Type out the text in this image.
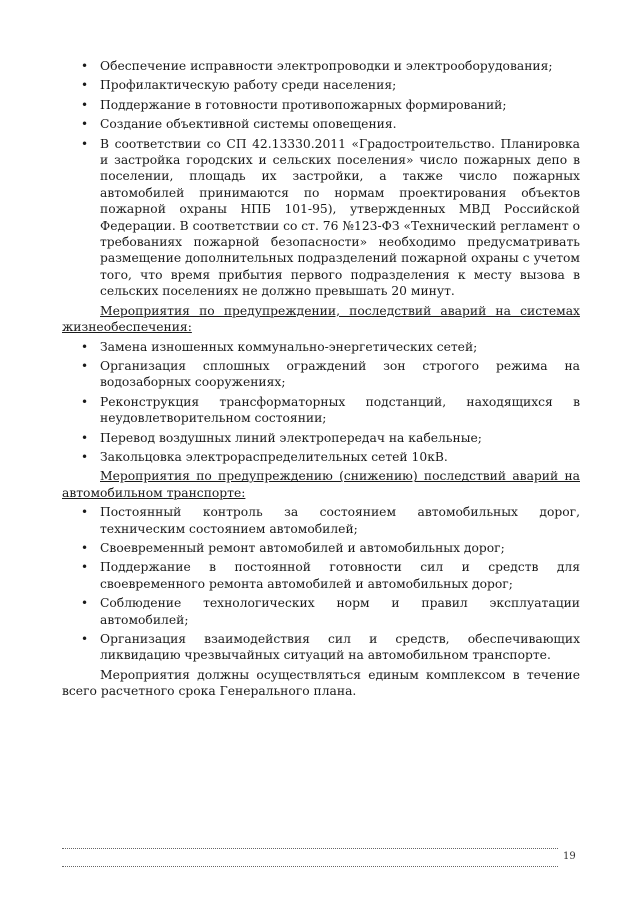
• Обеспечение исправности электропроводки и электрооборудования;
• Профилактическую работу среди населения;
• Поддержание в готовности противопожарных формирований;
• Создание объективной системы оповещения.
• В соответствии со СП 42.13330.2011 «Градостроительство. Планировка и застройка городских и сельских поселения» число пожарных депо в поселении, площадь их застройки, а также число пожарных автомобилей принимаются по нормам проектирования объектов пожарной охраны НПБ 101-95), утвержденных МВД Российской Федерации. В соответствии со ст. 76 №123-ФЗ «Технический регламент о требованиях пожарной безопасности» необходимо предусматривать размещение дополнительных подразделений пожарной охраны с учетом того, что время прибытия первого подразделения к месту вызова в сельских поселениях не должно превышать 20 минут.

Мероприятия по предупреждении, последствий аварий на системах жизнеобеспечения:

• Замена изношенных коммунально-энергетических сетей;
• Организация сплошных ограждений зон строгого режима на водозаборных сооружениях;
• Реконструкция трансформаторных подстанций, находящихся в неудовлетворительном состоянии;
• Перевод воздушных линий электропередач на кабельные;
• Закольцовка электрораспределительных сетей 10кВ.

Мероприятия по предупреждению (снижению) последствий аварий на автомобильном транспорте:

• Постоянный контроль за состоянием автомобильных дорог, техническим состоянием автомобилей;
• Своевременный ремонт автомобилей и автомобильных дорог;
• Поддержание в постоянной готовности сил и средств для своевременного ремонта автомобилей и автомобильных дорог;
• Соблюдение технологических норм и правил эксплуатации автомобилей;
• Организация взаимодействия сил и средств, обеспечивающих ликвидацию чрезвычайных ситуаций на автомобильном транспорте.

Мероприятия должны осуществляться единым комплексом в течение всего расчетного срока Генерального плана.

19
